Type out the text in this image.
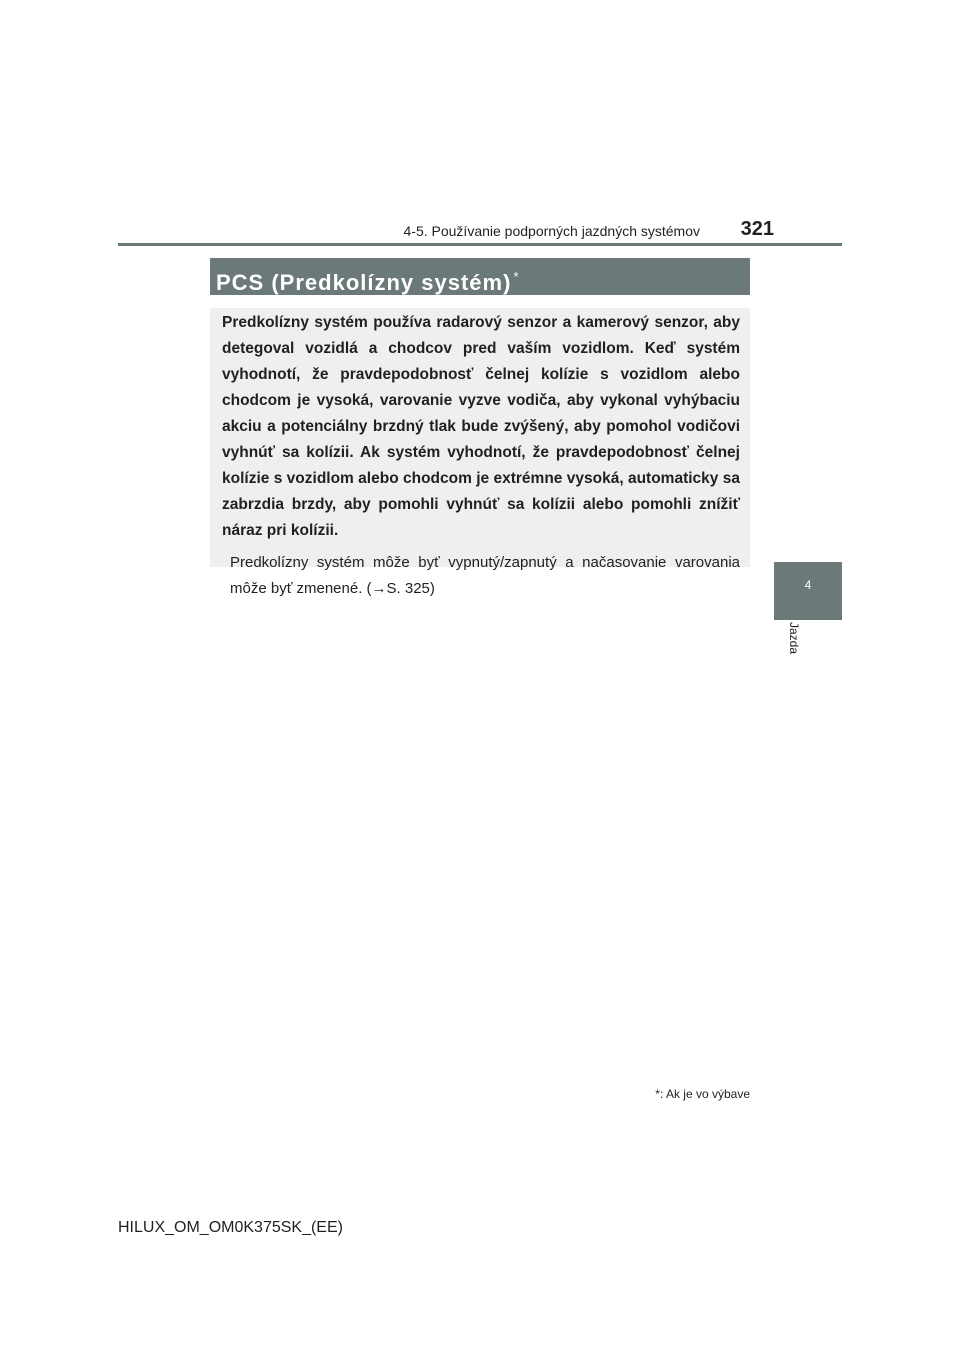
4-5. Používanie podporných jazdných systémov	321
4
Jazda
PCS (Predkolízny systém) *

Predkolízny systém používa radarový senzor a kamerový senzor, aby detegoval vozidlá a chodcov pred vaším vozidlom. Keď systém vyhodnotí, že pravdepodobnosť čelnej kolízie s vozidlom alebo chodcom je vysoká, varovanie vyzve vodiča, aby vykonal vyhýbaciu akciu a potenciálny brzdný tlak bude zvýšený, aby pomohol vodičovi vyhnúť sa kolízii. Ak systém vyhodnotí, že pravdepodobnosť čelnej kolízie s vozidlom alebo chodcom je extrémne vysoká, automaticky sa zabrzdia brzdy, aby pomohli vyhnúť sa kolízii alebo pomohli znížiť náraz pri kolízii.

Predkolízny systém môže byť vypnutý/zapnutý a načasovanie varovania môže byť zmenené. (→S. 325)

*: Ak je vo výbave
HILUX_OM_OM0K375SK_(EE)
